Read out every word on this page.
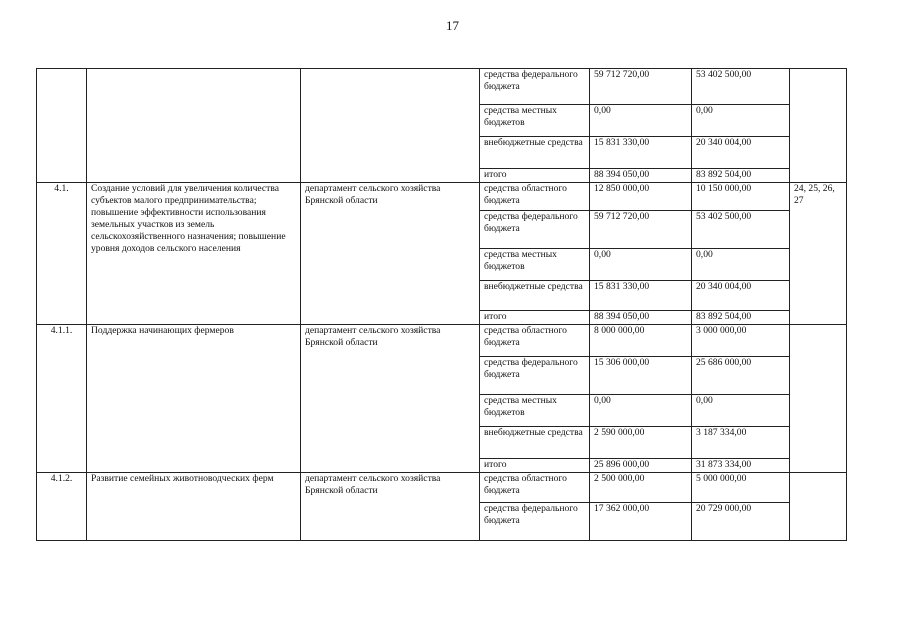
17
			средства федерального бюджета	59 712 720,00	53 402 500,00	
			средства местных бюджетов	0,00	0,00	
			внебюджетные средства	15 831 330,00	20 340 004,00	
			итого	88 394 050,00	83 892 504,00	
4.1.	Создание условий для увеличения количества субъектов малого предпринимательства; повышение эффективности использования земельных участков из земель сельскохозяйственного назначения; повышение уровня доходов сельского населения	департамент сельского хозяйства Брянской области	средства областного бюджета	12 850 000,00	10 150 000,00	24, 25, 26, 27
			средства федерального бюджета	59 712 720,00	53 402 500,00	
			средства местных бюджетов	0,00	0,00	
			внебюджетные средства	15 831 330,00	20 340 004,00	
			итого	88 394 050,00	83 892 504,00	
4.1.1.	Поддержка начинающих фермеров	департамент сельского хозяйства Брянской области	средства областного бюджета	8 000 000,00	3 000 000,00	
			средства федерального бюджета	15 306 000,00	25 686 000,00	
			средства местных бюджетов	0,00	0,00	
			внебюджетные средства	2 590 000,00	3 187 334,00	
			итого	25 896 000,00	31 873 334,00	
4.1.2.	Развитие семейных животноводческих ферм	департамент сельского хозяйства Брянской области	средства областного бюджета	2 500 000,00	5 000 000,00	
			средства федерального бюджета	17 362 000,00	20 729 000,00	
